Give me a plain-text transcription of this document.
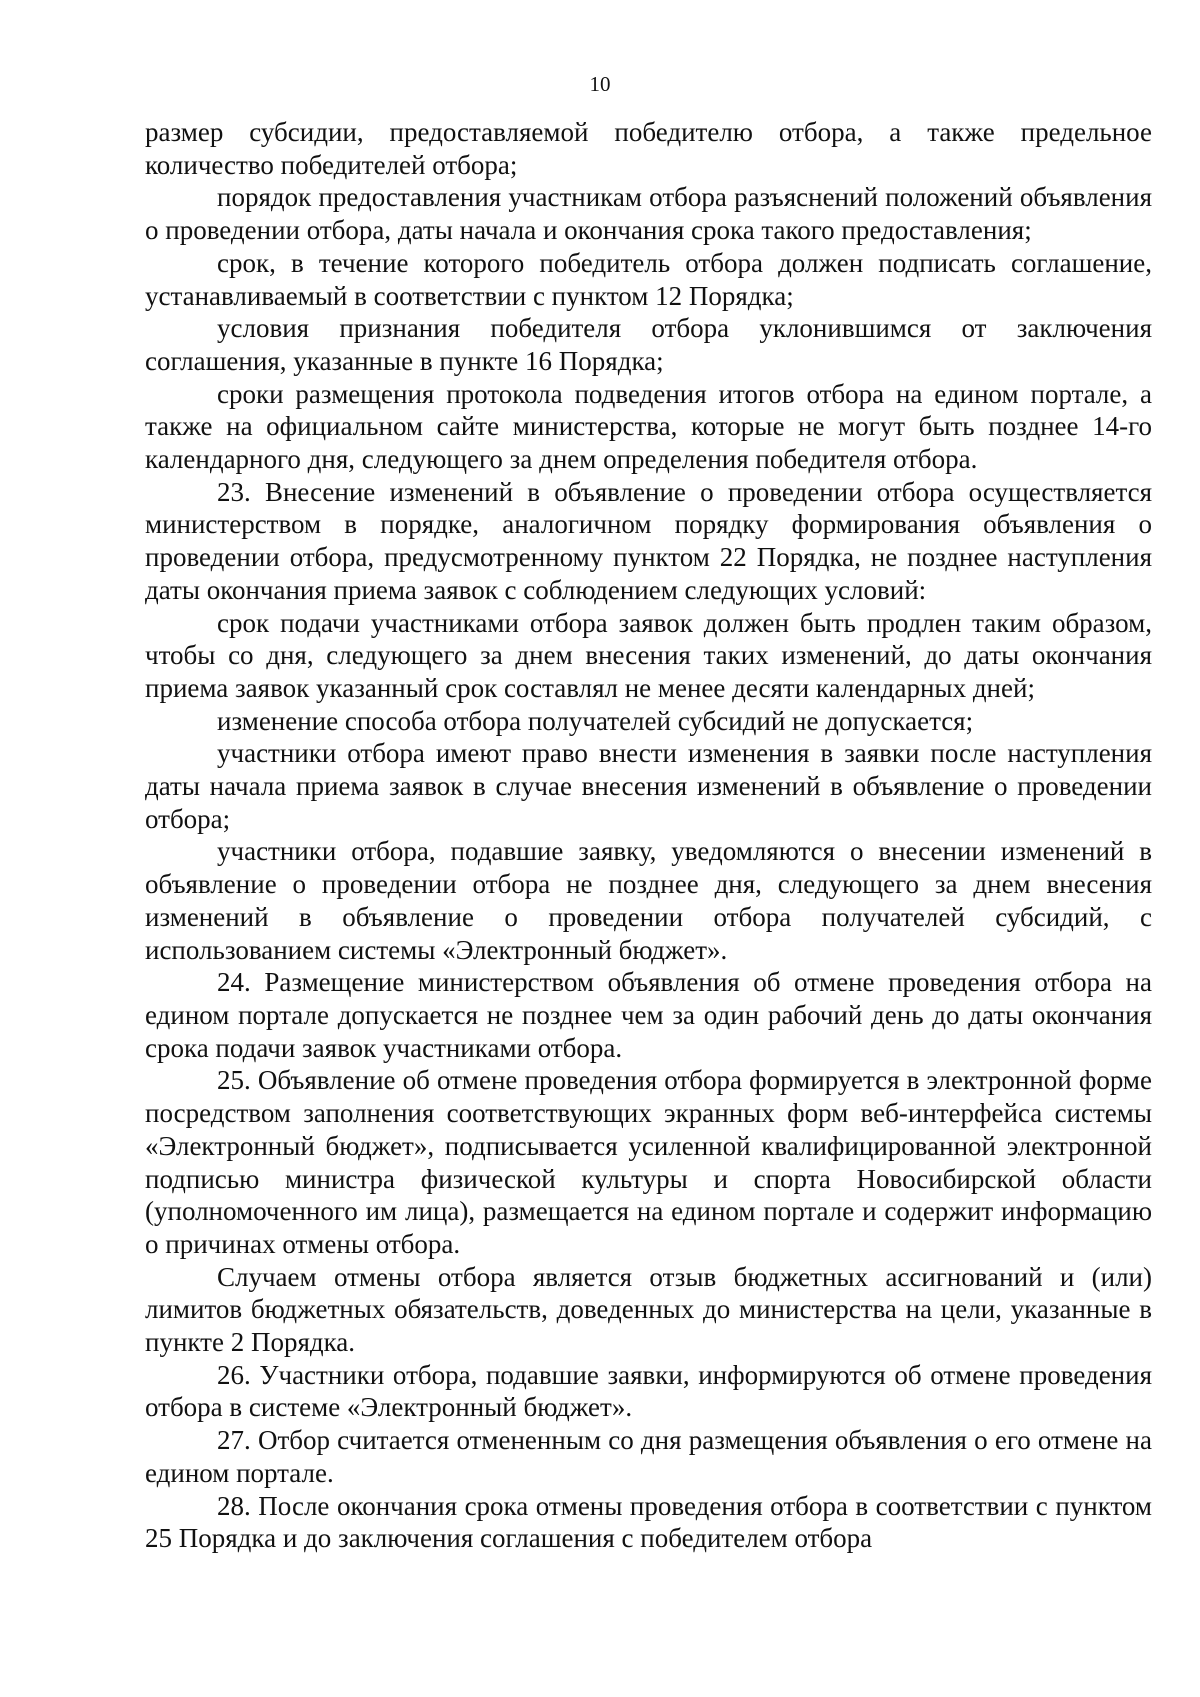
10

размер субсидии, предоставляемой победителю отбора, а также предельное количество победителей отбора;

порядок предоставления участникам отбора разъяснений положений объявления о проведении отбора, даты начала и окончания срока такого предоставления;

срок, в течение которого победитель отбора должен подписать соглашение, устанавливаемый в соответствии с пунктом 12 Порядка;

условия признания победителя отбора уклонившимся от заключения соглашения, указанные в пункте 16 Порядка;

сроки размещения протокола подведения итогов отбора на едином портале, а также на официальном сайте министерства, которые не могут быть позднее 14-го календарного дня, следующего за днем определения победителя отбора.

23. Внесение изменений в объявление о проведении отбора осуществляется министерством в порядке, аналогичном порядку формирования объявления о проведении отбора, предусмотренному пунктом 22 Порядка, не позднее наступления даты окончания приема заявок с соблюдением следующих условий:

срок подачи участниками отбора заявок должен быть продлен таким образом, чтобы со дня, следующего за днем внесения таких изменений, до даты окончания приема заявок указанный срок составлял не менее десяти календарных дней;

изменение способа отбора получателей субсидий не допускается;

участники отбора имеют право внести изменения в заявки после наступления даты начала приема заявок в случае внесения изменений в объявление о проведении отбора;

участники отбора, подавшие заявку, уведомляются о внесении изменений в объявление о проведении отбора не позднее дня, следующего за днем внесения изменений в объявление о проведении отбора получателей субсидий, с использованием системы «Электронный бюджет».

24. Размещение министерством объявления об отмене проведения отбора на едином портале допускается не позднее чем за один рабочий день до даты окончания срока подачи заявок участниками отбора.

25. Объявление об отмене проведения отбора формируется в электронной форме посредством заполнения соответствующих экранных форм веб-интерфейса системы «Электронный бюджет», подписывается усиленной квалифицированной электронной подписью министра физической культуры и спорта Новосибирской области (уполномоченного им лица), размещается на едином портале и содержит информацию о причинах отмены отбора.

Случаем отмены отбора является отзыв бюджетных ассигнований и (или) лимитов бюджетных обязательств, доведенных до министерства на цели, указанные в пункте 2 Порядка.

26. Участники отбора, подавшие заявки, информируются об отмене проведения отбора в системе «Электронный бюджет».

27. Отбор считается отмененным со дня размещения объявления о его отмене на едином портале.

28. После окончания срока отмены проведения отбора в соответствии с пунктом 25 Порядка и до заключения соглашения с победителем отбора
